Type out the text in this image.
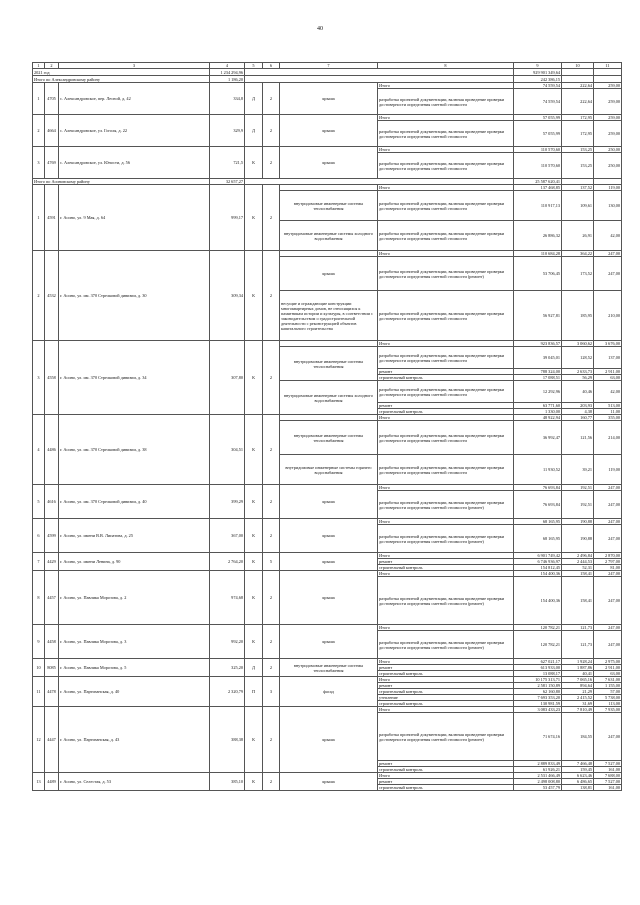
40
1	2	3	4	5	6	7	8	9	10	11
2021 год			1 234 294,96					929 901 349,64		
Итого по Александровскому району			1 186,20					242 386,15		
1	4705	с. Александровское, пер. Лесной, д. 42	334,8	Д	2	крыша	Итого	74 559,54	222,64	259,00
							разработка проектной документации, включая проведение проверки достоверности определения сметной стоимости	74 559,54	222,64	259,00
2	4664	с. Александровское, ул. Гоголя, д. 22	329,9	Д	2	крыша	Итого	57 055,99	172,95	259,00
							разработка проектной документации, включая проведение проверки достоверности определения сметной стоимости	57 055,99	172,95	259,00
3	4769	с. Александровское, ул. Юности, д. 56	721,5	К	2	крыша	Итого	110 570,60	153,25	250,00
							разработка проектной документации, включая проведение проверки достоверности определения сметной стоимости	110 570,60	153,25	250,00
Итого по Асиновскому району			32 657,27					25 587 620,41		
1	4591	г. Асино, ул. 9 Мая, д. 64	999,17	К	2		Итого	137 468,85	137,52	119,00
						внутридомовые инженерные системы теплоснабжения	разработка проектной документации, включая проведение проверки достоверности определения сметной стоимости	110 917,13	109,61	130,00
						внутридомовые инженерные системы холодного водоснабжения	разработка проектной документации, включая проведение проверки достоверности определения сметной стоимости	26 886,32	26,91	42,00
2	4532	г. Асино, ул. им. 370 Стрелковой дивизии, д. 30	309,34	К	2		Итого	110 684,28	364,22	247,00
						крыша	разработка проектной документации, включая проведение проверки достоверности определения сметной стоимости (ремонт)	53 706,45	173,52	247,00
						несущие и ограждающие конструкции многоквартирных домов, не относящихся к памятникам истории и культуры, в соответствии с законодательством о градостроительной деятельности с реконструкцией объектов капитального строительства	разработка проектной документации, включая проведение проверки достоверности определения сметной стоимости	56 927,81	185,95	210,00
3	4558	г. Асино, ул. им. 370 Стрелковой дивизии, д. 34	307,80	К	2		Итого	923 836,57	3 060,62	3 676,00
						внутридомовые инженерные системы теплоснабжения	разработка проектной документации, включая проведение проверки достоверности определения сметной стоимости	39 045,01	128,52	137,00
							ремонт	788 324,00	2 633,73	2 911,00
							строительный контроль	17 088,51	56,29	63,00
						внутридомовые инженерные системы холодного водоснабжения	разработка проектной документации, включая проведение проверки достоверности определения сметной стоимости	12 292,96	40,46	42,00
							ремонт	63 771,60	203,93	513,00
							строительный контроль	1 330,00	4,38	11,00
4	4486	г. Асино, ул. им. 370 Стрелковой дивизии, д. 38	304,51	К	2		Итого	48 922,94	160,77	355,00
						внутридомовые инженерные системы теплоснабжения	разработка проектной документации, включая проведение проверки достоверности определения сметной стоимости	36 992,47	121,56	214,00
						внутридомовые инженерные системы горячего водоснабжения	разработка проектной документации, включая проведение проверки достоверности определения сметной стоимости	11 930,52	39,21	119,00
5	4616	г. Асино, ул. им. 370 Стрелковой дивизии, д. 40	399,29	К	2	крыша	Итого	76 693,84	192,51	247,00
							разработка проектной документации, включая проведение проверки достоверности определения сметной стоимости (ремонт)	76 693,84	192,51	247,00
6	4599	г. Асино, ул. имени В.В. Липатова, д. 25	367,00	К	2	крыша	Итого	68 165,95	190,88	247,00
							разработка проектной документации, включая проведение проверки достоверности определения сметной стоимости (ремонт)	68 165,95	190,88	247,00
7	4429	г. Асино, ул. имени Ленина, д. 90	2 764,20	К	5	крыша	Итого	6 901 749,42	2 496,84	2 870,00
							ремонт	6 746 936,97	2 444,53	2 797,00
							строительный контроль	154 812,45	52,31	81,00
8	4457	г. Асино, ул. Павлика Морозова, д. 2	974,68	К	2	крыша	Итого	154 400,36	158,41	247,00
							разработка проектной документации, включая проведение проверки достоверности определения сметной стоимости (ремонт)	154 400,36	158,41	247,00
9	4458	г. Асино, ул. Павлика Морозова, д. 3	992,20	К	2	крыша	Итого	120 782,21	121,73	247,00
							разработка проектной документации, включая проведение проверки достоверности определения сметной стоимости (ремонт)	120 782,21	121,73	247,00
10	8085	г. Асино, ул. Павлика Морозова, д. 5	325,20	Д	2	внутридомовые инженерные системы теплоснабжения	Итого	627 021,17	1 928,24	2 975,00
							ремонт	613 933,00	1 887,86	2 911,00
							строительный контроль	13 088,17	40,41	63,00
11	4478	г. Асино, ул. Партизанская, д. 40	2 320,79	П	3	фасад	Итого	10 175 313,71	7 065,16	7 631,00
							ремонт	2 581 150,89	894,64	1 155,00
							строительный контроль	62 160,80	21,29	57,00
							утепление	7 693 353,20	2 415,52	5 738,00
							строительный контроль	130 981,59	31,69	113,00
12	4447	г. Асино, ул. Партизанская, д. 43	388,38	К	2	крыша	Итого	3 083 433,23	7 810,49	7 935,00
							разработка проектной документации, включая проведение проверки достоверности определения сметной стоимости (ремонт)	71 674,16	184,55	247,00
							ремонт	2 889 833,49	7 466,48	7 527,00
							строительный контроль	61 926,21	159,45	161,00
13	4489	г. Асино, ул. Селестая, д. 53	385,10	К	2	крыша	Итого	2 531 466,49	6 623,46	7 688,00
							ремонт	2 498 008,80	6 486,65	7 527,00
							строительный контроль	53 457,79	138,81	161,00
